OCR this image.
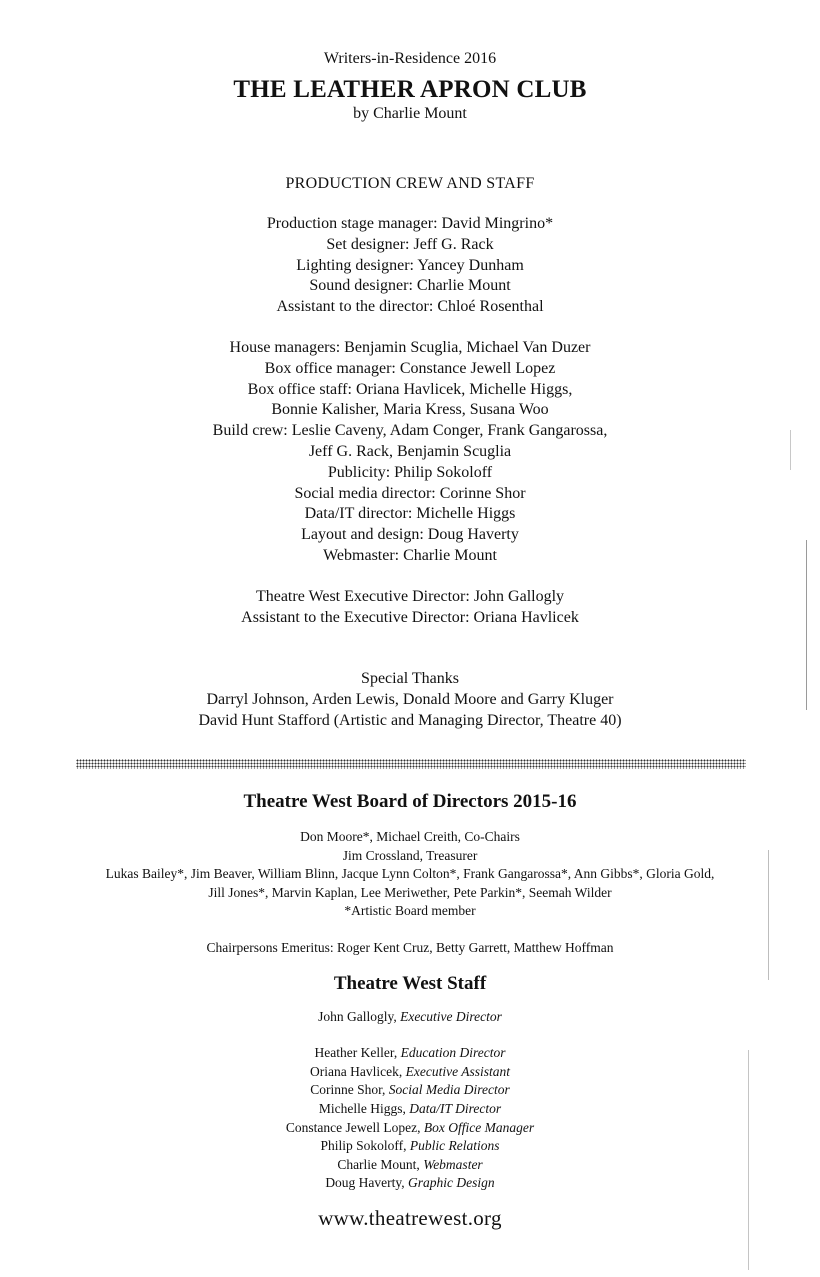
Writers-in-Residence 2016
THE LEATHER APRON CLUB
by Charlie Mount
PRODUCTION CREW AND STAFF
Production stage manager: David Mingrino*
Set designer: Jeff G. Rack
Lighting designer: Yancey Dunham
Sound designer: Charlie Mount
Assistant to the director: Chloé Rosenthal
House managers: Benjamin Scuglia, Michael Van Duzer
Box office manager: Constance Jewell Lopez
Box office staff: Oriana Havlicek, Michelle Higgs,
Bonnie Kalisher, Maria Kress, Susana Woo
Build crew: Leslie Caveny, Adam Conger, Frank Gangarossa,
Jeff G. Rack, Benjamin Scuglia
Publicity: Philip Sokoloff
Social media director: Corinne Shor
Data/IT director: Michelle Higgs
Layout and design: Doug Haverty
Webmaster: Charlie Mount
Theatre West Executive Director: John Gallogly
Assistant to the Executive Director: Oriana Havlicek
Special Thanks
Darryl Johnson, Arden Lewis, Donald Moore and Garry Kluger
David Hunt Stafford (Artistic and Managing Director, Theatre 40)
Theatre West Board of Directors 2015-16
Don Moore*, Michael Creith, Co-Chairs
Jim Crossland, Treasurer
Lukas Bailey*, Jim Beaver, William Blinn, Jacque Lynn Colton*, Frank Gangarossa*, Ann Gibbs*, Gloria Gold,
Jill Jones*, Marvin Kaplan, Lee Meriwether, Pete Parkin*, Seemah Wilder
*Artistic Board member
Chairpersons Emeritus: Roger Kent Cruz, Betty Garrett, Matthew Hoffman
Theatre West Staff
John Gallogly, Executive Director
Heather Keller, Education Director
Oriana Havlicek, Executive Assistant
Corinne Shor, Social Media Director
Michelle Higgs, Data/IT Director
Constance Jewell Lopez, Box Office Manager
Philip Sokoloff, Public Relations
Charlie Mount, Webmaster
Doug Haverty, Graphic Design
www.theatrewest.org
